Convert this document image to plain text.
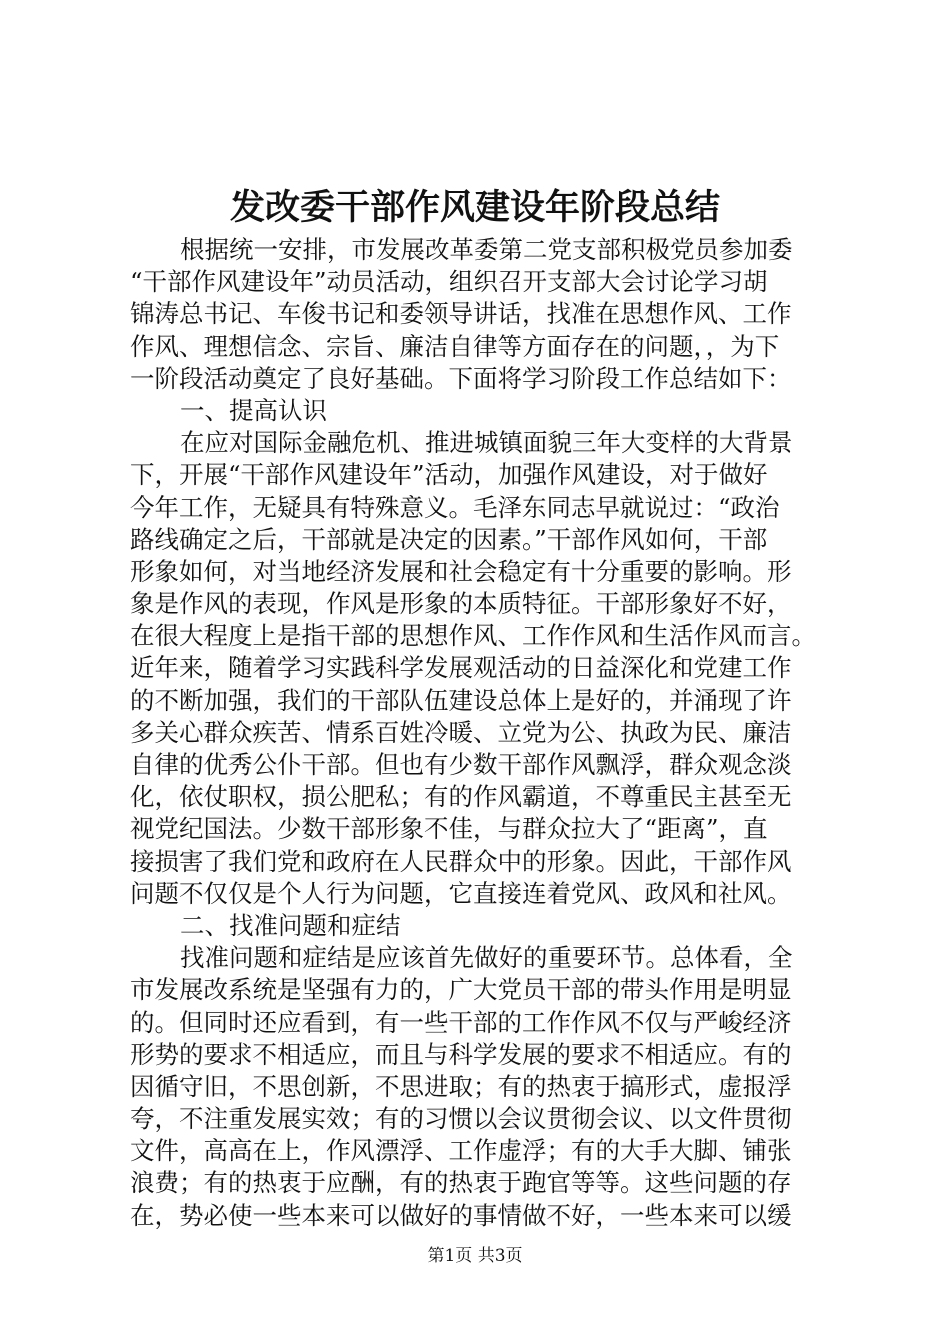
发改委干部作风建设年阶段总结
根据统一安排，市发展改革委第二党支部积极党员参加委
“干部作风建设年”动员活动，组织召开支部大会讨论学习胡
锦涛总书记、车俊书记和委领导讲话，找准在思想作风、工作
作风、理想信念、宗旨、廉洁自律等方面存在的问题，，为下
一阶段活动奠定了良好基础。下面将学习阶段工作总结如下：
一、提高认识
在应对国际金融危机、推进城镇面貌三年大变样的大背景
下，开展“干部作风建设年”活动，加强作风建设，对于做好
今年工作，无疑具有特殊意义。毛泽东同志早就说过：“政治
路线确定之后，干部就是决定的因素。”干部作风如何，干部
形象如何，对当地经济发展和社会稳定有十分重要的影响。形
象是作风的表现，作风是形象的本质特征。干部形象好不好，
在很大程度上是指干部的思想作风、工作作风和生活作风而言。
近年来，随着学习实践科学发展观活动的日益深化和党建工作
的不断加强，我们的干部队伍建设总体上是好的，并涌现了许
多关心群众疾苦、情系百姓冷暖、立党为公、执政为民、廉洁
自律的优秀公仆干部。但也有少数干部作风飘浮，群众观念淡
化，依仗职权，损公肥私；有的作风霸道，不尊重民主甚至无
视党纪国法。少数干部形象不佳，与群众拉大了“距离”，直
接损害了我们党和政府在人民群众中的形象。因此，干部作风
问题不仅仅是个人行为问题，它直接连着党风、政风和社风。
二、找准问题和症结
找准问题和症结是应该首先做好的重要环节。总体看，全
市发展改系统是坚强有力的，广大党员干部的带头作用是明显
的。但同时还应看到，有一些干部的工作作风不仅与严峻经济
形势的要求不相适应，而且与科学发展的要求不相适应。有的
因循守旧，不思创新，不思进取；有的热衷于搞形式，虚报浮
夸，不注重发展实效；有的习惯以会议贯彻会议、以文件贯彻
文件，高高在上，作风漂浮、工作虚浮；有的大手大脚、铺张
浪费；有的热衷于应酬，有的热衷于跑官等等。这些问题的存
在，势必使一些本来可以做好的事情做不好，一些本来可以缓
第1页 共3页
